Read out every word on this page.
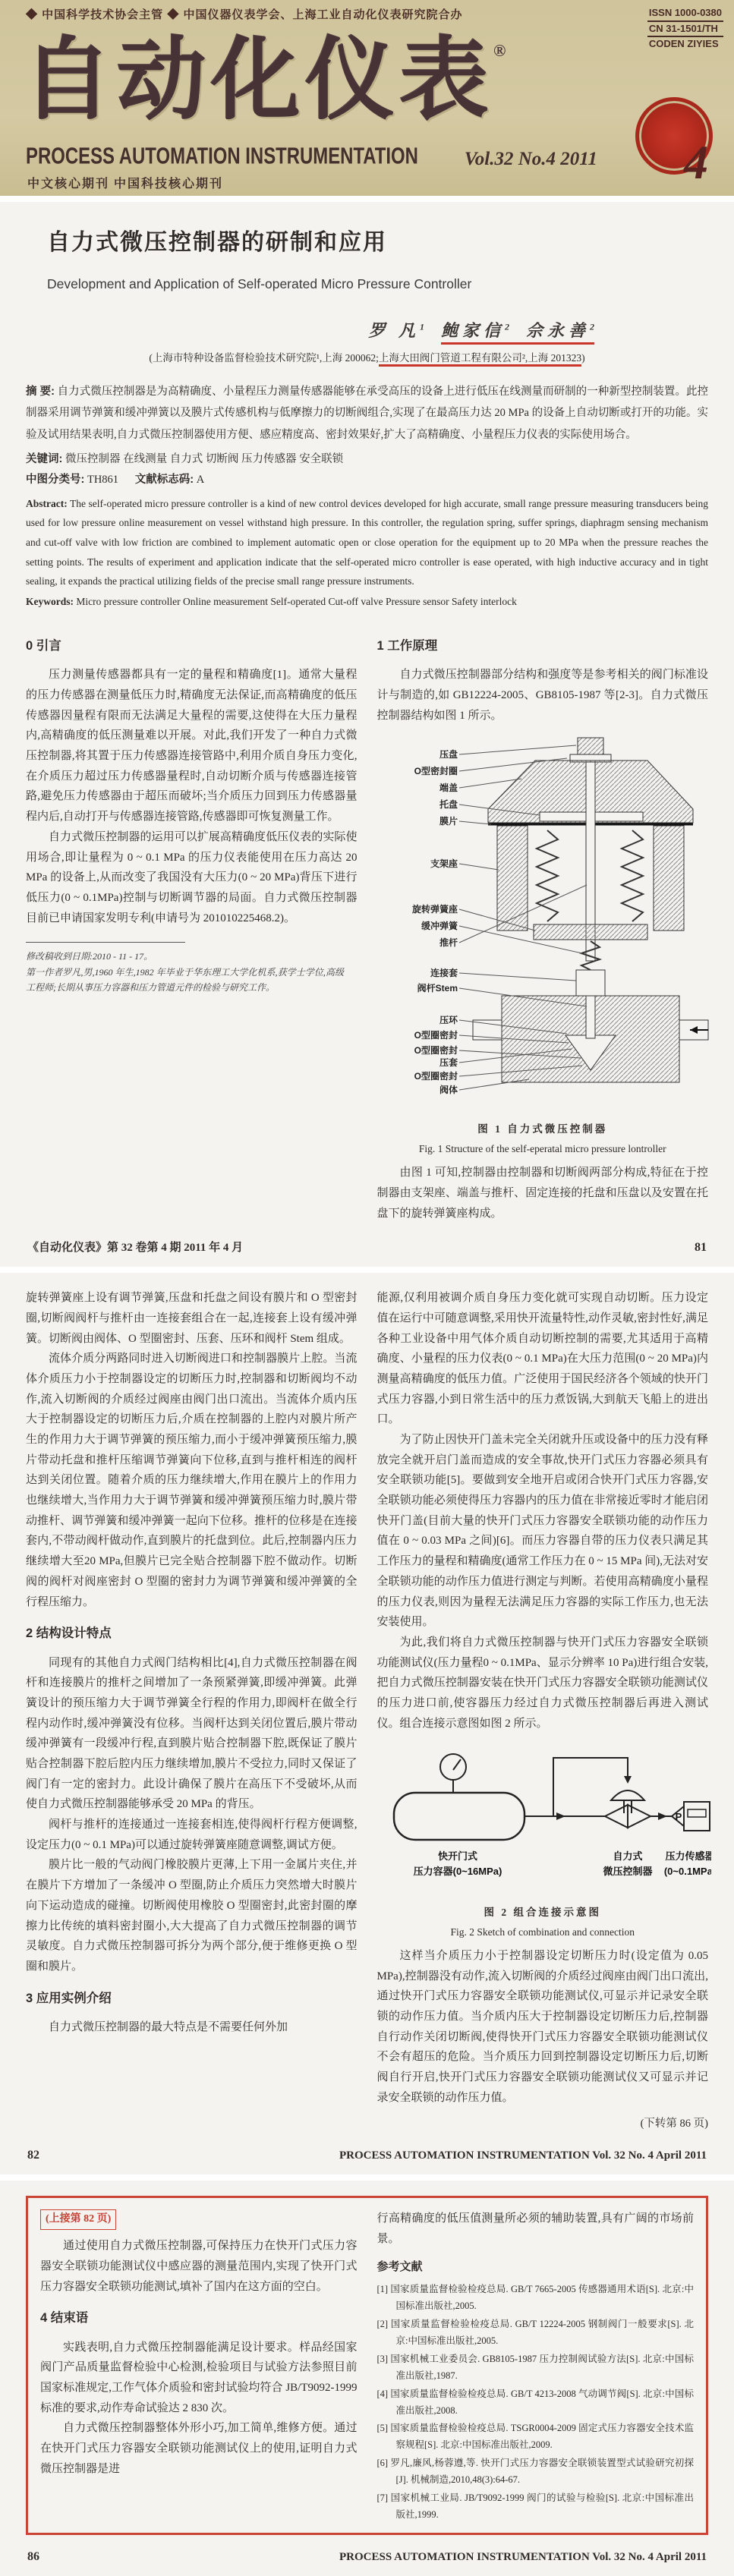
◆ 中国科学技术协会主管 ◆ 中国仪器仪表学会、上海工业自动化仪表研究院合办	ISSN 1000-0380
CN 31-1501/TH
CODEN ZIYIES
自动化仪表®
PROCESS AUTOMATION INSTRUMENTATION Vol.32 No.4 2011
中文核心期刊 中国科技核心期刊	4
自力式微压控制器的研制和应用
Development and Application of Self-operated Micro Pressure Controller
罗 凡$^1$ 鲍家信$^2$ 佘永善$^2$
(上海市特种设备监督检验技术研究院¹,上海 200062;上海大田阀门管道工程有限公司²,上海 201323)
摘 要: 自力式微压控制器是为高精确度、小量程压力测量传感器能够在承受高压的设备上进行低压在线测量而研制的一种新型控制装置。此控制器采用调节弹簧和缓冲弹簧以及膜片式传感机构与低摩擦力的切断阀组合,实现了在最高压力达 20 MPa 的设备上自动切断或打开的功能。实验及试用结果表明,自力式微压控制器使用方便、感应精度高、密封效果好,扩大了高精确度、小量程压力仪表的实际使用场合。
关键词: 微压控制器 在线测量 自力式 切断阀 压力传感器 安全联锁
中图分类号: TH861 文献标志码: A
Abstract: The self-operated micro pressure controller is a kind of new control devices developed for high accurate, small range pressure measuring transducers being used for low pressure online measurement on vessel withstand high pressure. In this controller, the regulation spring, suffer springs, diaphragm sensing mechanism and cut-off valve with low friction are combined to implement automatic open or close operation for the equipment up to 20 MPa when the pressure reaches the setting points. The results of experiment and application indicate that the self-operated micro controller is ease operated, with high inductive accuracy and in tight sealing, it expands the practical utilizing fields of the precise small range pressure instruments.
Keywords: Micro pressure controller Online measurement Self-operated Cut-off valve Pressure sensor Safety interlock
0 引言

压力测量传感器都具有一定的量程和精确度[1]。通常大量程的压力传感器在测量低压力时,精确度无法保证,而高精确度的低压传感器因量程有限而无法满足大量程的需要,这使得在大压力量程内,高精确度的低压测量难以开展。对此,我们开发了一种自力式微压控制器,将其置于压力传感器连接管路中,利用介质自身压力变化,在介质压力超过压力传感器量程时,自动切断介质与传感器连接管路,避免压力传感器由于超压而破坏;当介质压力回到压力传感器量程内后,自动打开与传感器连接管路,传感器即可恢复测量工作。

自力式微压控制器的运用可以扩展高精确度低压仪表的实际使用场合,即让量程为 0 ~ 0.1 MPa 的压力仪表能使用在压力高达 20 MPa 的设备上,从而改变了我国没有大压力(0 ~ 20 MPa)背压下进行低压力(0 ~ 0.1MPa)控制与切断调节器的局面。自力式微压控制器目前已申请国家发明专利(申请号为 201010225468.2)。

修改稿收到日期:2010 - 11 - 17。
第一作者罗凡,男,1960 年生,1982 年毕业于华东理工大学化机系,获学士学位,高级工程师;长期从事压力容器和压力管道元件的检验与研究工作。
1 工作原理

自力式微压控制器部分结构和强度等是参考相关的阀门标准设计与制造的,如 GB12224-2005、GB8105-1987 等[2-3]。自力式微压控制器结构如图 1 所示。

压盘
O型密封圈
端盖
托盘
膜片
支架座
旋转弹簧座
缓冲弹簧
推杆
连接套
阀杆Stem
压环
O型圈密封
O型圈密封
压套
O型圈密封
阀体
图 1 自力式微压控制器
Fig. 1 Structure of the self-eperatal micro pressure lontroller

由图 1 可知,控制器由控制器和切断阀两部分构成,特征在于控制器由支架座、端盖与推杆、固定连接的托盘和压盘以及安置在托盘下的旋转弹簧座构成。

《自动化仪表》第 32 卷第 4 期 2011 年 4 月	81

旋转弹簧座上设有调节弹簧,压盘和托盘之间设有膜片和 O 型密封圈,切断阀阀杆与推杆由一连接套组合在一起,连接套上设有缓冲弹簧。切断阀由阀体、O 型圈密封、压套、压环和阀杆 Stem 组成。

流体介质分两路同时进入切断阀进口和控制器膜片上腔。当流体介质压力小于控制器设定的切断压力时,控制器和切断阀均不动作,流入切断阀的介质经过阀座由阀门出口流出。当流体介质内压大于控制器设定的切断压力后,介质在控制器的上腔内对膜片所产生的作用力大于调节弹簧的预压缩力,而小于缓冲弹簧预压缩力,膜片带动托盘和推杆压缩调节弹簧向下位移,直到与推杆相连的阀杆达到关闭位置。随着介质的压力继续增大,作用在膜片上的作用力也继续增大,当作用力大于调节弹簧和缓冲弹簧预压缩力时,膜片带动推杆、调节弹簧和缓冲弹簧一起向下位移。推杆的位移是在连接套内,不带动阀杆做动作,直到膜片的托盘到位。此后,控制器内压力继续增大至20 MPa,但膜片已完全贴合控制器下腔不做动作。切断阀的阀杆对阀座密封 O 型圈的密封力为调节弹簧和缓冲弹簧的全行程压缩力。

2 结构设计特点

同现有的其他自力式阀门结构相比[4],自力式微压控制器在阀杆和连接膜片的推杆之间增加了一条预紧弹簧,即缓冲弹簧。此弹簧设计的预压缩力大于调节弹簧全行程的作用力,即阀杆在做全行程内动作时,缓冲弹簧没有位移。当阀杆达到关闭位置后,膜片带动缓冲弹簧有一段缓冲行程,直到膜片贴合控制器下腔,既保证了膜片贴合控制器下腔后腔内压力继续增加,膜片不受拉力,同时又保证了阀门有一定的密封力。此设计确保了膜片在高压下不受破坏,从而使自力式微压控制器能够承受 20 MPa 的背压。

阀杆与推杆的连接通过一连接套相连,使得阀杆行程方便调整,设定压力(0 ~ 0.1 MPa)可以通过旋转弹簧座随意调整,调试方便。

膜片比一般的气动阀门橡胶膜片更薄,上下用一金属片夹住,并在膜片下方增加了一条缓冲 O 型圈,防止介质压力突然增大时膜片向下运动造成的碰撞。切断阀使用橡胶 O 型圈密封,此密封圈的摩擦力比传统的填料密封圈小,大大提高了自力式微压控制器的调节灵敏度。自力式微压控制器可拆分为两个部分,便于维修更换 O 型圈和膜片。

3 应用实例介绍

自力式微压控制器的最大特点是不需要任何外加

能源,仅利用被调介质自身压力变化就可实现自动切断。压力设定值在运行中可随意调整,采用快开流量特性,动作灵敏,密封性好,满足各种工业设备中用气体介质自动切断控制的需要,尤其适用于高精确度、小量程的压力仪表(0 ~ 0.1 MPa)在大压力范围(0 ~ 20 MPa)内测量高精确度的低压力值。广泛使用于国民经济各个领域的快开门式压力容器,小到日常生活中的压力煮饭锅,大到航天飞船上的进出口。

为了防止因快开门盖未完全关闭就升压或设备中的压力没有释放完全就开启门盖而造成的安全事故,快开门式压力容器必须具有安全联锁功能[5]。要做到安全地开启或闭合快开门式压力容器,安全联锁功能必须使得压力容器内的压力值在非常接近零时才能启闭快开门盖(目前大量的快开门式压力容器安全联锁功能的动作压力值在 0 ~ 0.03 MPa 之间)[6]。而压力容器自带的压力仪表只满足其工作压力的量程和精确度(通常工作压力在 0 ~ 15 MPa 间),无法对安全联锁功能的动作压力值进行测定与判断。若使用高精确度小量程的压力仪表,则因为量程无法满足压力容器的实际工作压力,也无法安装使用。

为此,我们将自力式微压控制器与快开门式压力容器安全联锁功能测试仪(压力量程0 ~ 0.1MPa、显示分辨率 10 Pa)进行组合安装,把自力式微压控制器安装在快开门式压力容器安全联锁功能测试仪的压力进口前,使容器压力经过自力式微压控制器后再进入测试仪。组合连接示意图如图 2 所示。

P
快开门式
压力容器(0~16MPa)
自力式
微压控制器
压力传感器
(0~0.1MPa)
图 2 组合连接示意图
Fig. 2 Sketch of combination and connection

这样当介质压力小于控制器设定切断压力时(设定值为 0.05 MPa),控制器没有动作,流入切断阀的介质经过阀座由阀门出口流出,通过快开门式压力容器安全联锁功能测试仪,可显示并记录安全联锁的动作压力值。当介质内压大于控制器设定切断压力后,控制器自行动作关闭切断阀,使得快开门式压力容器安全联锁功能测试仪不会有超压的危险。当介质压力回到控制器设定切断压力后,切断阀自行开启,快开门式压力容器安全联锁功能测试仪又可显示并记录安全联锁的动作压力值。

(下转第 86 页)
82	PROCESS AUTOMATION INSTRUMENTATION Vol. 32 No. 4 April 2011
(上接第 82 页)

通过使用自力式微压控制器,可保持压力在快开门式压力容器安全联锁功能测试仪中感应器的测量范围内,实现了快开门式压力容器安全联锁功能测试,填补了国内在这方面的空白。

4 结束语

实践表明,自力式微压控制器能满足设计要求。样品经国家阀门产品质量监督检验中心检测,检验项目与试验方法参照目前国家标准规定,工作气体介质验和密封试验均符合 JB/T9092-1999 标准的要求,动作寿命试验达 2 830 次。

自力式微压控制器整体外形小巧,加工简单,维修方便。通过在快开门式压力容器安全联锁功能测试仪上的使用,证明自力式微压控制器是进

行高精确度的低压值测量所必须的辅助装置,具有广阔的市场前景。

参考文献
[1] 国家质量监督检验检疫总局. GB/T 7665-2005 传感器通用术语[S]. 北京:中国标准出版社,2005.
[2] 国家质量监督检验检疫总局. GB/T 12224-2005 钢制阀门一般要求[S]. 北京:中国标准出版社,2005.
[3] 国家机械工业委员会. GB8105-1987 压力控制阀试验方法[S]. 北京:中国标准出版社,1987.
[4] 国家质量监督检验检疫总局. GB/T 4213-2008 气动调节阀[S]. 北京:中国标准出版社,2008.
[5] 国家质量监督检验检疫总局. TSGR0004-2009 固定式压力容器安全技术监察规程[S]. 北京:中国标准出版社,2009.
[6] 罗凡,廉风,杨蓉遵,等. 快开门式压力容器安全联锁装置型式试验研究初探[J]. 机械制造,2010,48(3):64-67.
[7] 国家机械工业局. JB/T9092-1999 阀门的试验与检验[S]. 北京:中国标准出版社,1999.
86	PROCESS AUTOMATION INSTRUMENTATION Vol. 32 No. 4 April 2011
